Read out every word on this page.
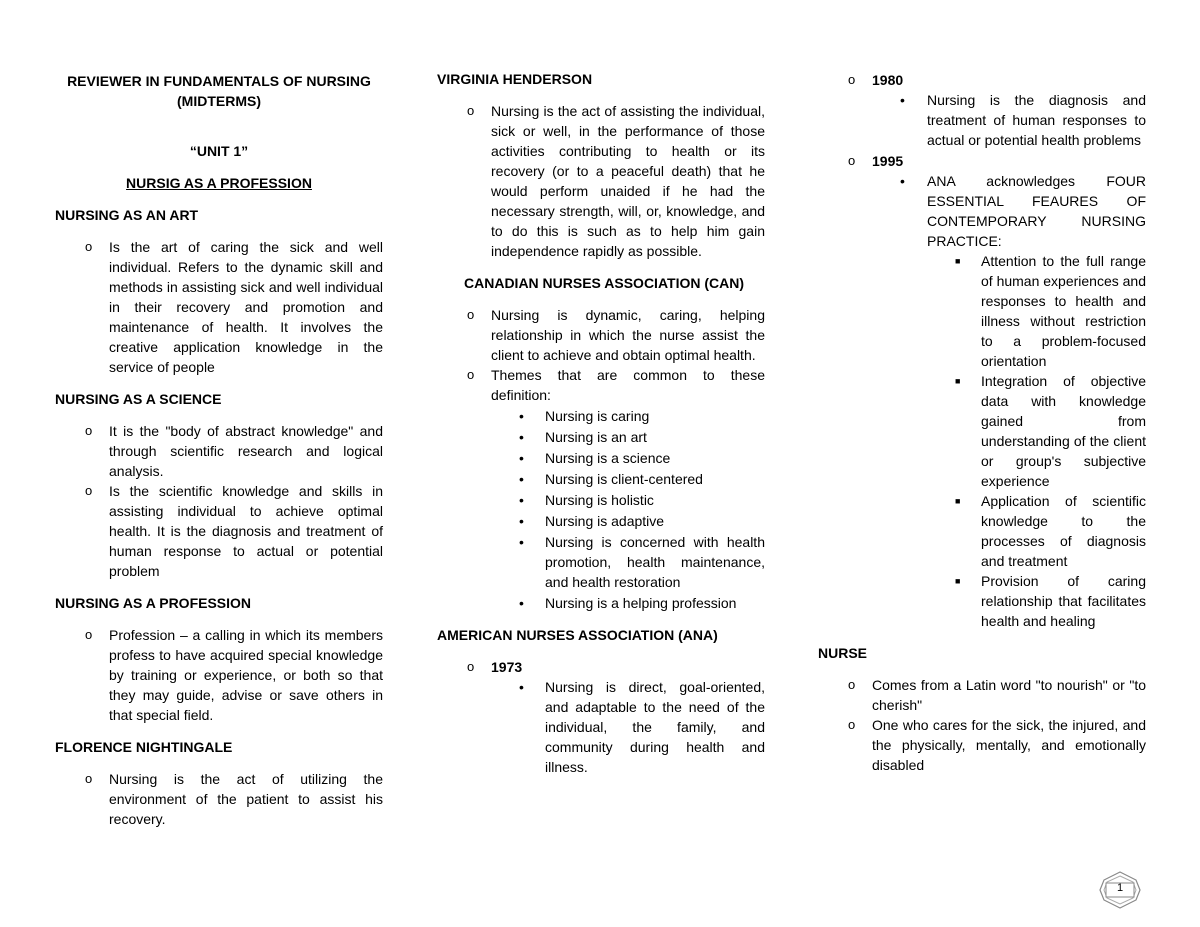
REVIEWER IN FUNDAMENTALS OF NURSING (MIDTERMS)
“UNIT 1”
NURSIG AS A PROFESSION
NURSING AS AN ART
o Is the art of caring the sick and well individual. Refers to the dynamic skill and methods in assisting sick and well individual in their recovery and promotion and maintenance of health. It involves the creative application knowledge in the service of people
NURSING AS A SCIENCE
o It is the "body of abstract knowledge" and through scientific research and logical analysis.
o Is the scientific knowledge and skills in assisting individual to achieve optimal health. It is the diagnosis and treatment of human response to actual or potential problem
NURSING AS A PROFESSION
o Profession – a calling in which its members profess to have acquired special knowledge by training or experience, or both so that they may guide, advise or save others in that special field.
FLORENCE NIGHTINGALE
o Nursing is the act of utilizing the environment of the patient to assist his recovery.
VIRGINIA HENDERSON
o Nursing is the act of assisting the individual, sick or well, in the performance of those activities contributing to health or its recovery (or to a peaceful death) that he would perform unaided if he had the necessary strength, will, or, knowledge, and to do this is such as to help him gain independence rapidly as possible.
CANADIAN NURSES ASSOCIATION (CAN)
o Nursing is dynamic, caring, helping relationship in which the nurse assist the client to achieve and obtain optimal health.
o Themes that are common to these definition:
• Nursing is caring
• Nursing is an art
• Nursing is a science
• Nursing is client-centered
• Nursing is holistic
• Nursing is adaptive
• Nursing is concerned with health promotion, health maintenance, and health restoration
• Nursing is a helping profession
AMERICAN NURSES ASSOCIATION (ANA)
o 1973
• Nursing is direct, goal-oriented, and adaptable to the need of the individual, the family, and community during health and illness.
o 1980
• Nursing is the diagnosis and treatment of human responses to actual or potential health problems
o 1995
• ANA acknowledges FOUR ESSENTIAL FEAURES OF CONTEMPORARY NURSING PRACTICE:
■ Attention to the full range of human experiences and responses to health and illness without restriction to a problem-focused orientation
■ Integration of objective data with knowledge gained from understanding of the client or group's subjective experience
■ Application of scientific knowledge to the processes of diagnosis and treatment
■ Provision of caring relationship that facilitates health and healing
NURSE
o Comes from a Latin word "to nourish" or "to cherish"
o One who cares for the sick, the injured, and the physically, mentally, and emotionally disabled
1
